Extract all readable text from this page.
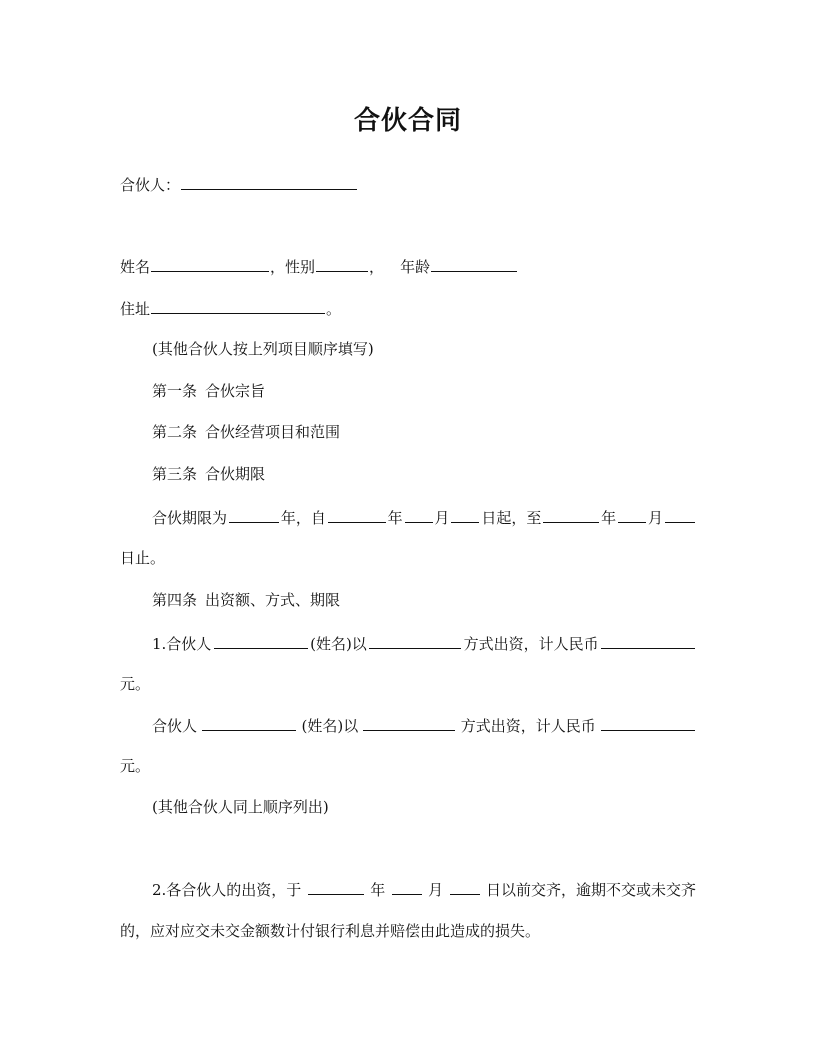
合伙合同
合伙人：
姓名	，性别	， 年龄
住址	。
(其他合伙人按上列项目顺序填写)
第一条 合伙宗旨
第二条 合伙经营项目和范围
第三条 合伙期限
合伙期限为	年，自	年 月 日起，至	年 月
日止。
第四条 出资额、方式、期限
1.合伙人	(姓名)以	方式出资，计人民币
元。
合伙人	(姓名)以	方式出资，计人民币
元。
(其他合伙人同上顺序列出)
2.各合伙人的出资，于	年	月	日以前交齐，逾期不交或未交齐
的，应对应交未交金额数计付银行利息并赔偿由此造成的损失。
